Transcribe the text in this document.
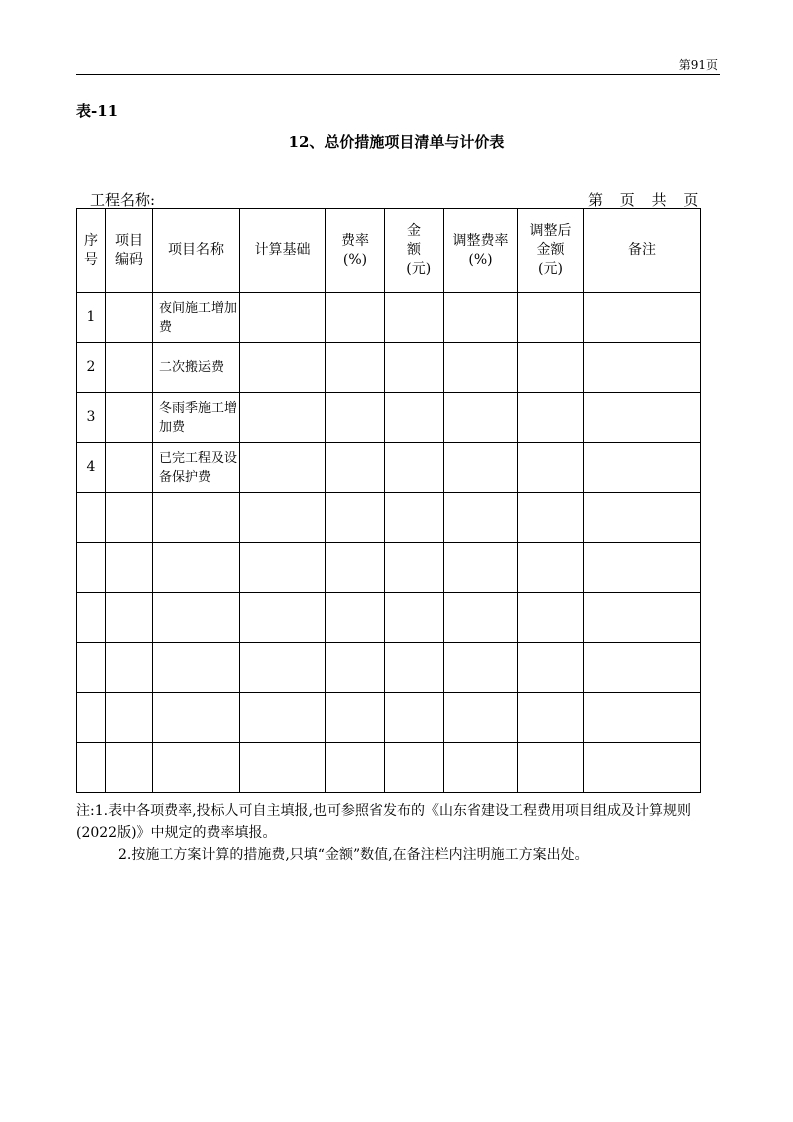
第91页
表-11
12、总价措施项目清单与计价表
工程名称:	第 页 共 页
序号	项目编码	项目名称	计算基础	费率(%)	金额(元)	调整费率(%)	调整后金额(元)	备注
1		夜间施工增加费						
2		二次搬运费						
3		冬雨季施工增加费						
4		已完工程及设备保护费						

注:1.表中各项费率,投标人可自主填报,也可参照省发布的《山东省建设工程费用项目组成及计算规则(2022版)》中规定的费率填报。

2.按施工方案计算的措施费,只填“金额”数值,在备注栏内注明施工方案出处。
